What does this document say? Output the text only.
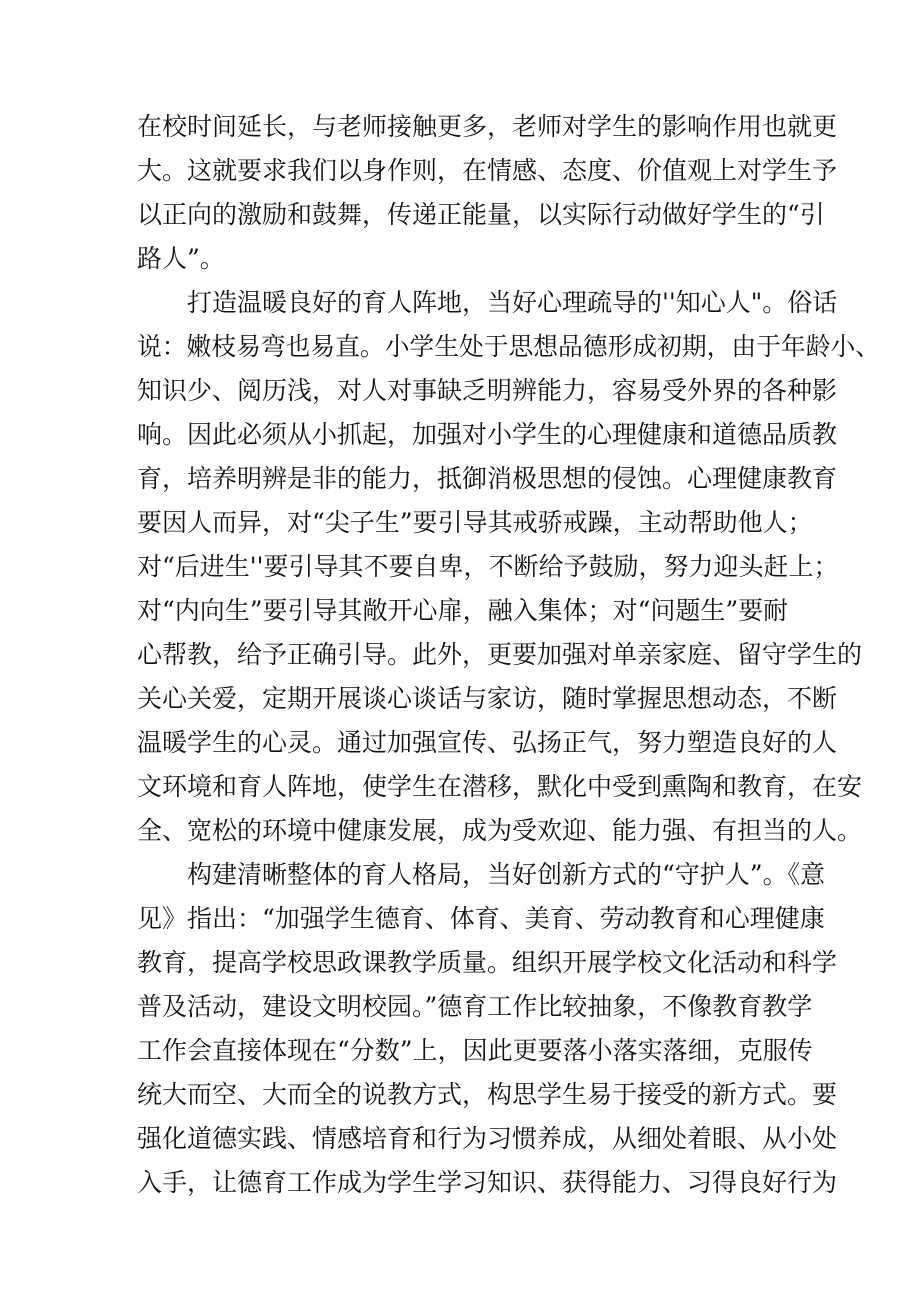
在校时间延长，与老师接触更多，老师对学生的影响作用也就更
大。这就要求我们以身作则，在情感、态度、价值观上对学生予
以正向的激励和鼓舞，传递正能量，以实际行动做好学生的“引
路人”。
　　打造温暖良好的育人阵地，当好心理疏导的''知心人"。俗话
说：嫩枝易弯也易直。小学生处于思想品德形成初期，由于年龄小、
知识少、阅历浅，对人对事缺乏明辨能力，容易受外界的各种影
响。因此必须从小抓起，加强对小学生的心理健康和道德品质教
育，培养明辨是非的能力，抵御消极思想的侵蚀。心理健康教育
要因人而异，对“尖子生”要引导其戒骄戒躁，主动帮助他人；
对“后进生''要引导其不要自卑，不断给予鼓励，努力迎头赶上；
对“内向生”要引导其敞开心扉，融入集体；对“问题生”要耐
心帮教，给予正确引导。此外，更要加强对单亲家庭、留守学生的
关心关爱，定期开展谈心谈话与家访，随时掌握思想动态，不断
温暖学生的心灵。通过加强宣传、弘扬正气，努力塑造良好的人
文环境和育人阵地，使学生在潜移，默化中受到熏陶和教育，在安
全、宽松的环境中健康发展，成为受欢迎、能力强、有担当的人。
　　构建清晰整体的育人格局，当好创新方式的“守护人”。《意
见》指出：“加强学生德育、体育、美育、劳动教育和心理健康
教育，提高学校思政课教学质量。组织开展学校文化活动和科学
普及活动，建设文明校园。”德育工作比较抽象，不像教育教学
工作会直接体现在“分数”上，因此更要落小落实落细，克服传
统大而空、大而全的说教方式，构思学生易于接受的新方式。要
强化道德实践、情感培育和行为习惯养成，从细处着眼、从小处
入手，让德育工作成为学生学习知识、获得能力、习得良好行为
